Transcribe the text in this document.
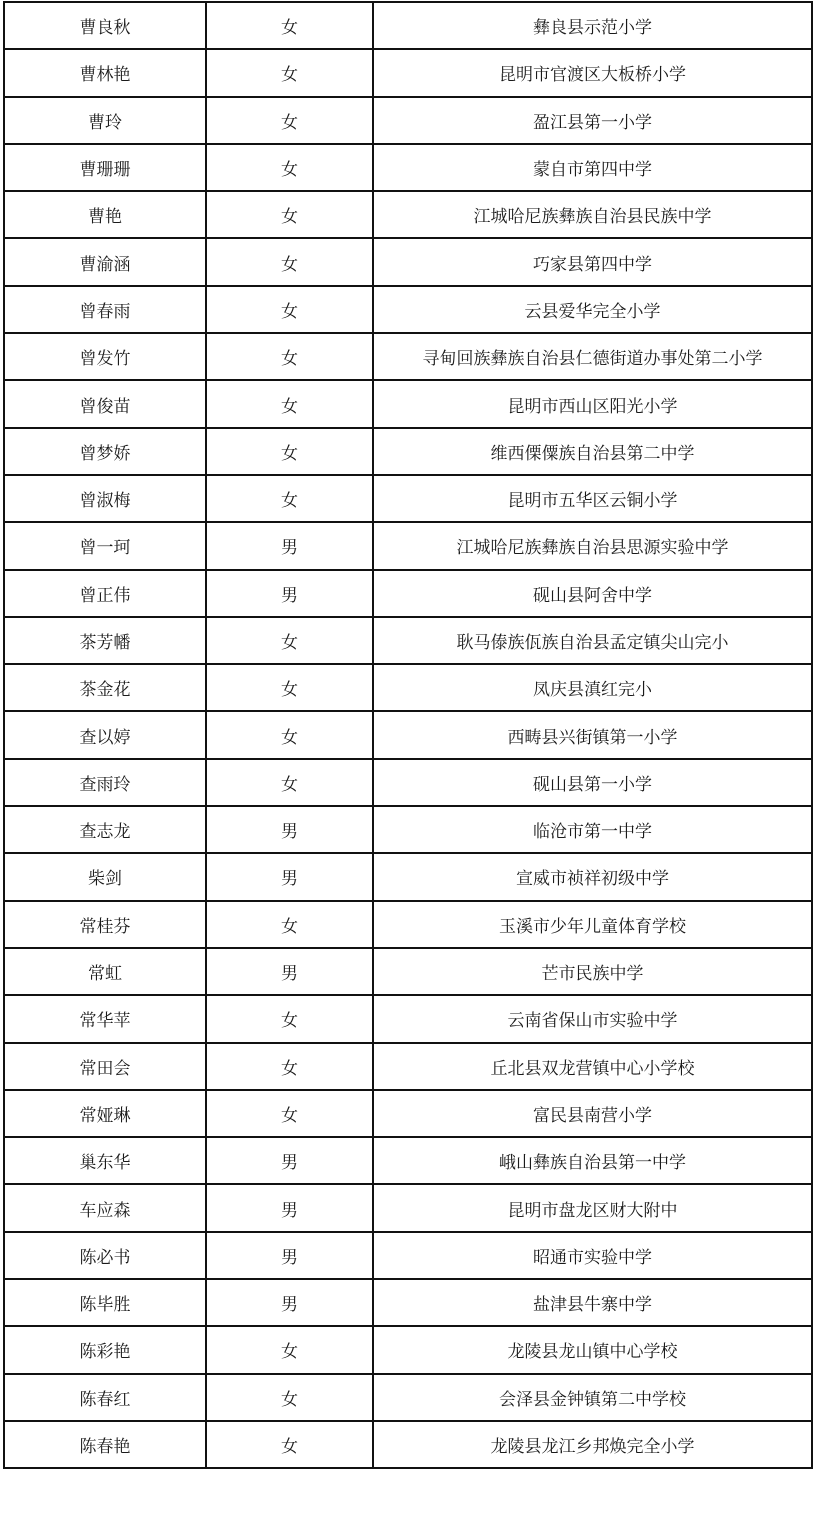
曹良秋	女	彝良县示范小学
曹林艳	女	昆明市官渡区大板桥小学
曹玲	女	盈江县第一小学
曹珊珊	女	蒙自市第四中学
曹艳	女	江城哈尼族彝族自治县民族中学
曹渝涵	女	巧家县第四中学
曾春雨	女	云县爱华完全小学
曾发竹	女	寻甸回族彝族自治县仁德街道办事处第二小学
曾俊苗	女	昆明市西山区阳光小学
曾梦娇	女	维西傈僳族自治县第二中学
曾淑梅	女	昆明市五华区云铜小学
曾一珂	男	江城哈尼族彝族自治县思源实验中学
曾正伟	男	砚山县阿舍中学
茶芳幡	女	耿马傣族佤族自治县孟定镇尖山完小
茶金花	女	凤庆县滇红完小
查以婷	女	西畴县兴街镇第一小学
查雨玲	女	砚山县第一小学
查志龙	男	临沧市第一中学
柴剑	男	宣威市祯祥初级中学
常桂芬	女	玉溪市少年儿童体育学校
常虹	男	芒市民族中学
常华苹	女	云南省保山市实验中学
常田会	女	丘北县双龙营镇中心小学校
常娅琳	女	富民县南营小学
巢东华	男	峨山彝族自治县第一中学
车应森	男	昆明市盘龙区财大附中
陈必书	男	昭通市实验中学
陈毕胜	男	盐津县牛寨中学
陈彩艳	女	龙陵县龙山镇中心学校
陈春红	女	会泽县金钟镇第二中学校
陈春艳	女	龙陵县龙江乡邦焕完全小学
